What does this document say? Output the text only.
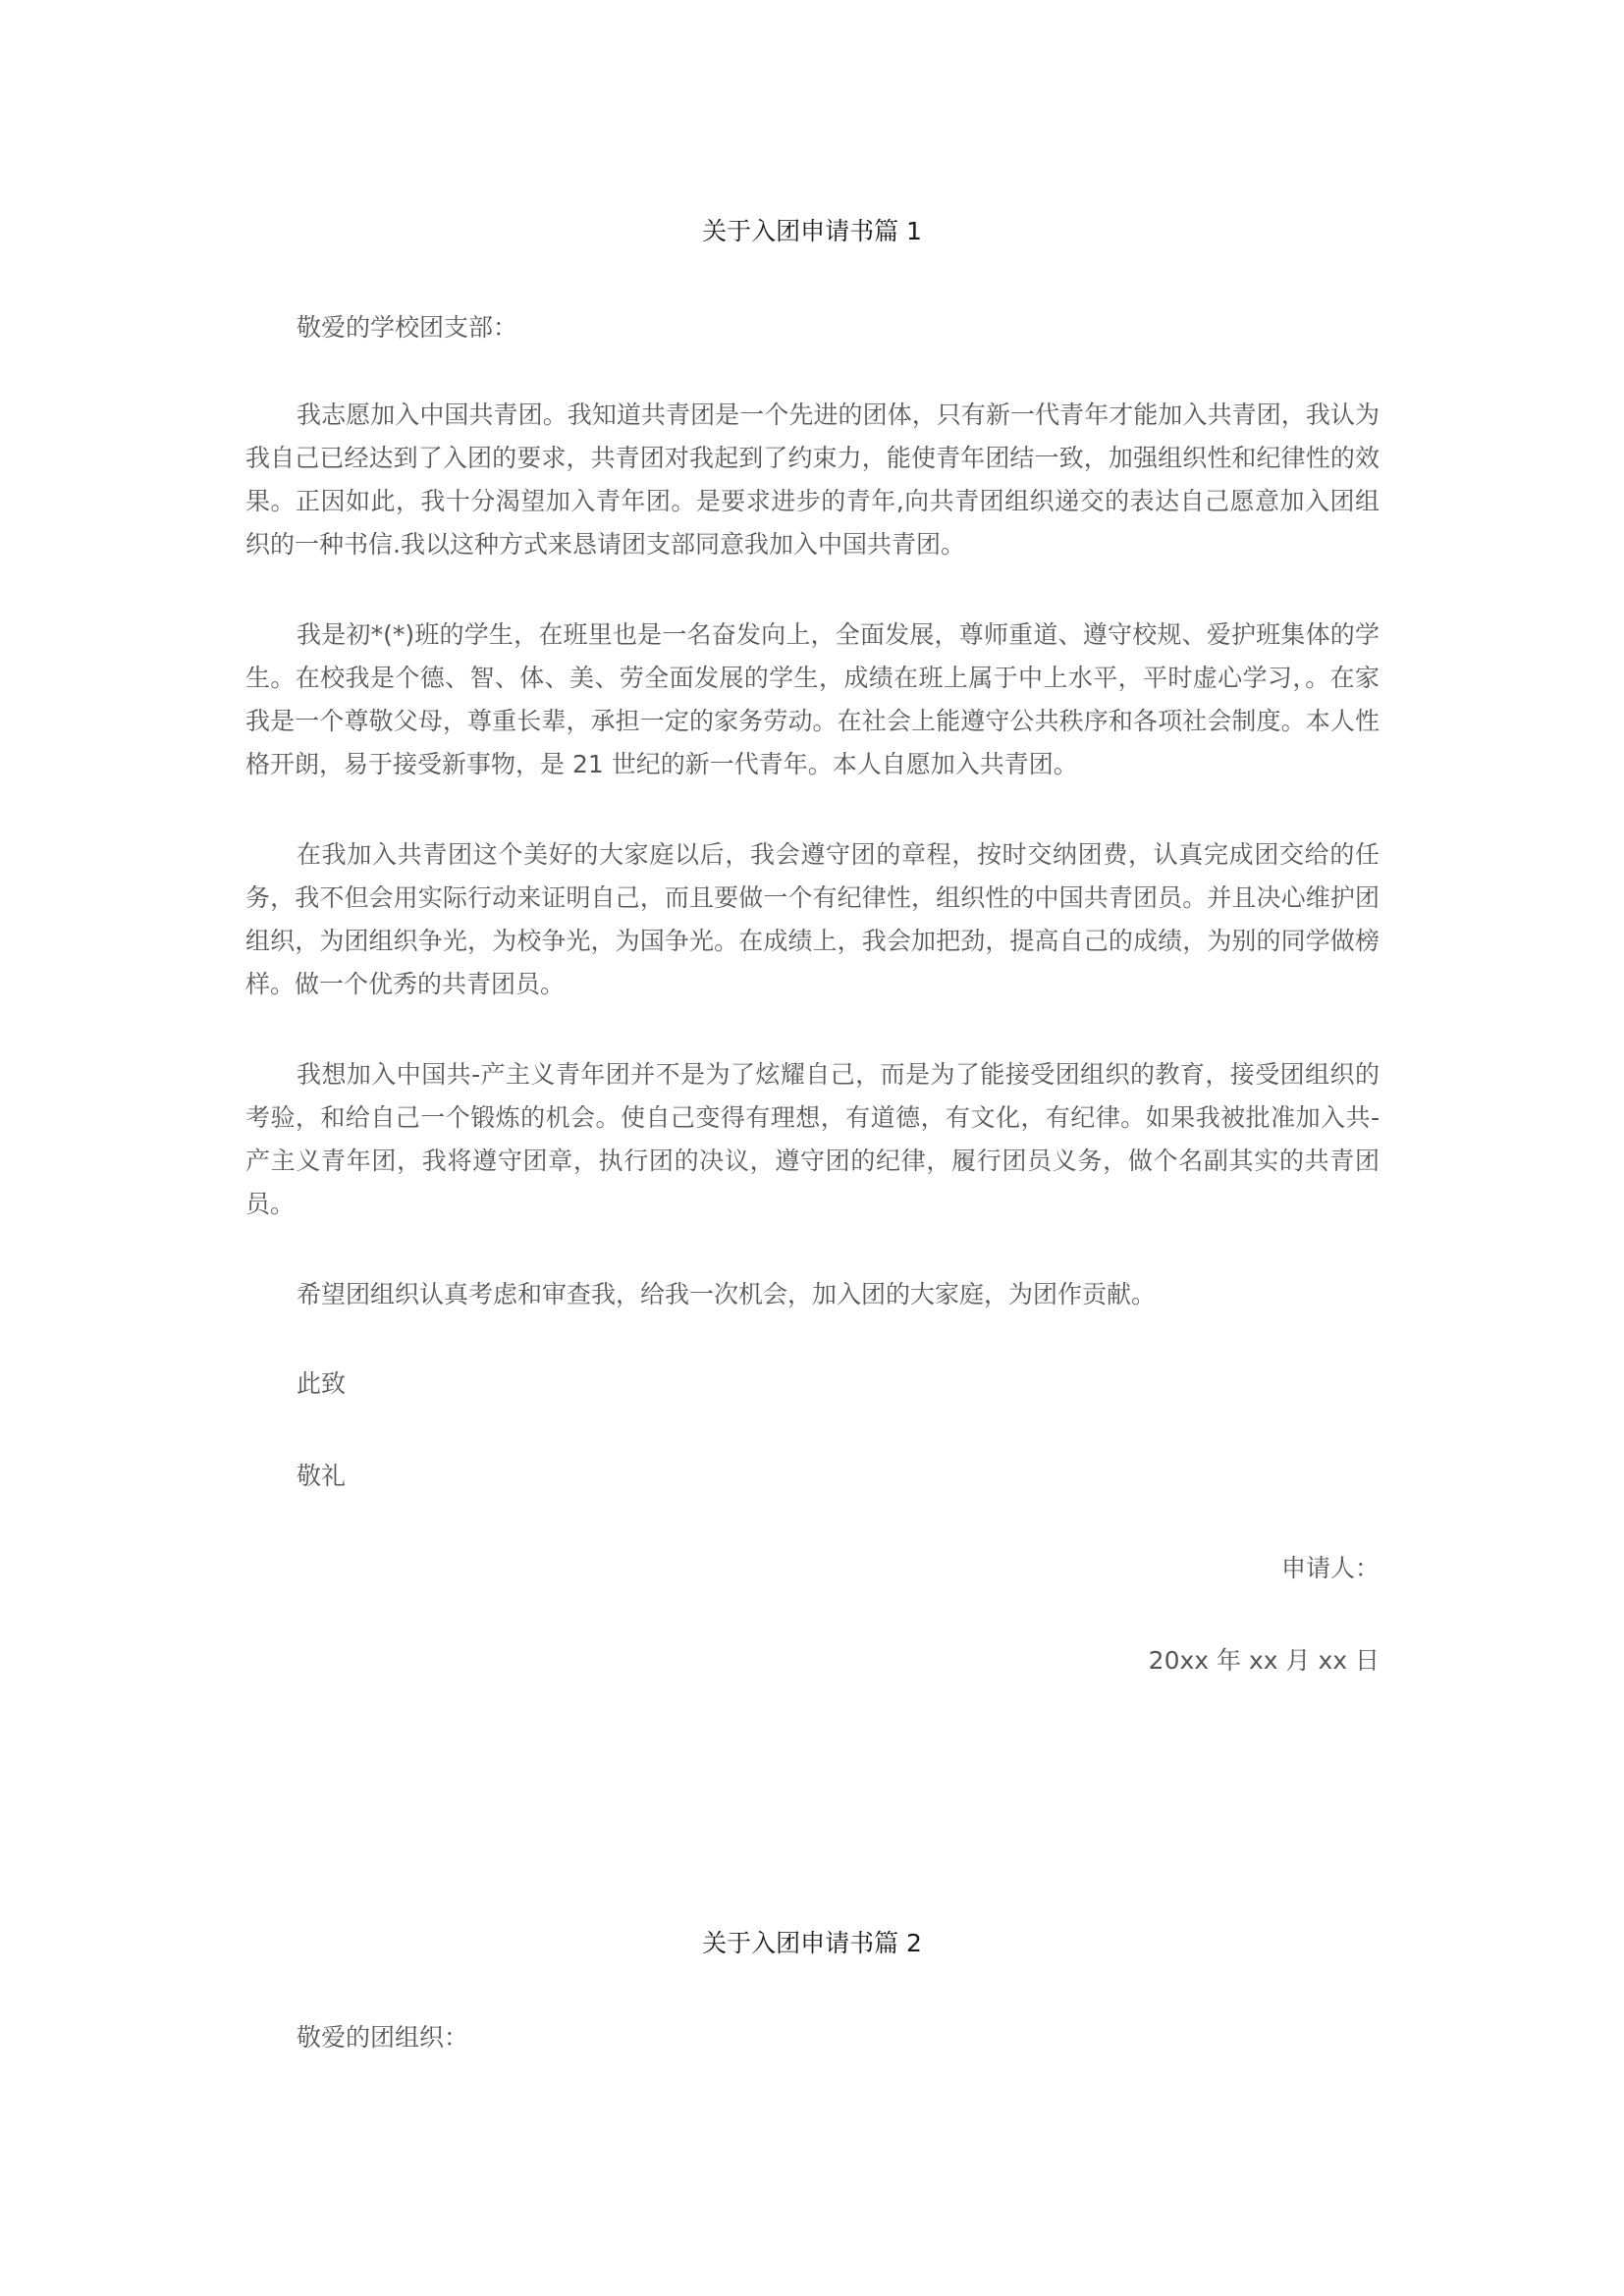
关于入团申请书篇 1
敬爱的学校团支部：

我志愿加入中国共青团。我知道共青团是一个先进的团体，只有新一代青年才能加入共青团，我认为我自己已经达到了入团的要求，共青团对我起到了约束力，能使青年团结一致，加强组织性和纪律性的效果。正因如此，我十分渴望加入青年团。是要求进步的青年,向共青团组织递交的表达自己愿意加入团组织的一种书信.我以这种方式来恳请团支部同意我加入中国共青团。

我是初*(*)班的学生，在班里也是一名奋发向上，全面发展，尊师重道、遵守校规、爱护班集体的学生。在校我是个德、智、体、美、劳全面发展的学生，成绩在班上属于中上水平，平时虚心学习，。在家我是一个尊敬父母，尊重长辈，承担一定的家务劳动。在社会上能遵守公共秩序和各项社会制度。本人性格开朗，易于接受新事物，是 21 世纪的新一代青年。本人自愿加入共青团。

在我加入共青团这个美好的大家庭以后，我会遵守团的章程，按时交纳团费，认真完成团交给的任务，我不但会用实际行动来证明自己，而且要做一个有纪律性，组织性的中国共青团员。并且决心维护团组织，为团组织争光，为校争光，为国争光。在成绩上，我会加把劲，提高自己的成绩，为别的同学做榜样。做一个优秀的共青团员。

我想加入中国共-产主义青年团并不是为了炫耀自己，而是为了能接受团组织的教育，接受团组织的考验，和给自己一个锻炼的机会。使自己变得有理想，有道德，有文化，有纪律。如果我被批准加入共-产主义青年团，我将遵守团章，执行团的决议，遵守团的纪律，履行团员义务，做个名副其实的共青团员。

希望团组织认真考虑和审查我，给我一次机会，加入团的大家庭，为团作贡献。

此致
敬礼
申请人：
20xx 年 xx 月 xx 日
关于入团申请书篇 2
敬爱的团组织：
